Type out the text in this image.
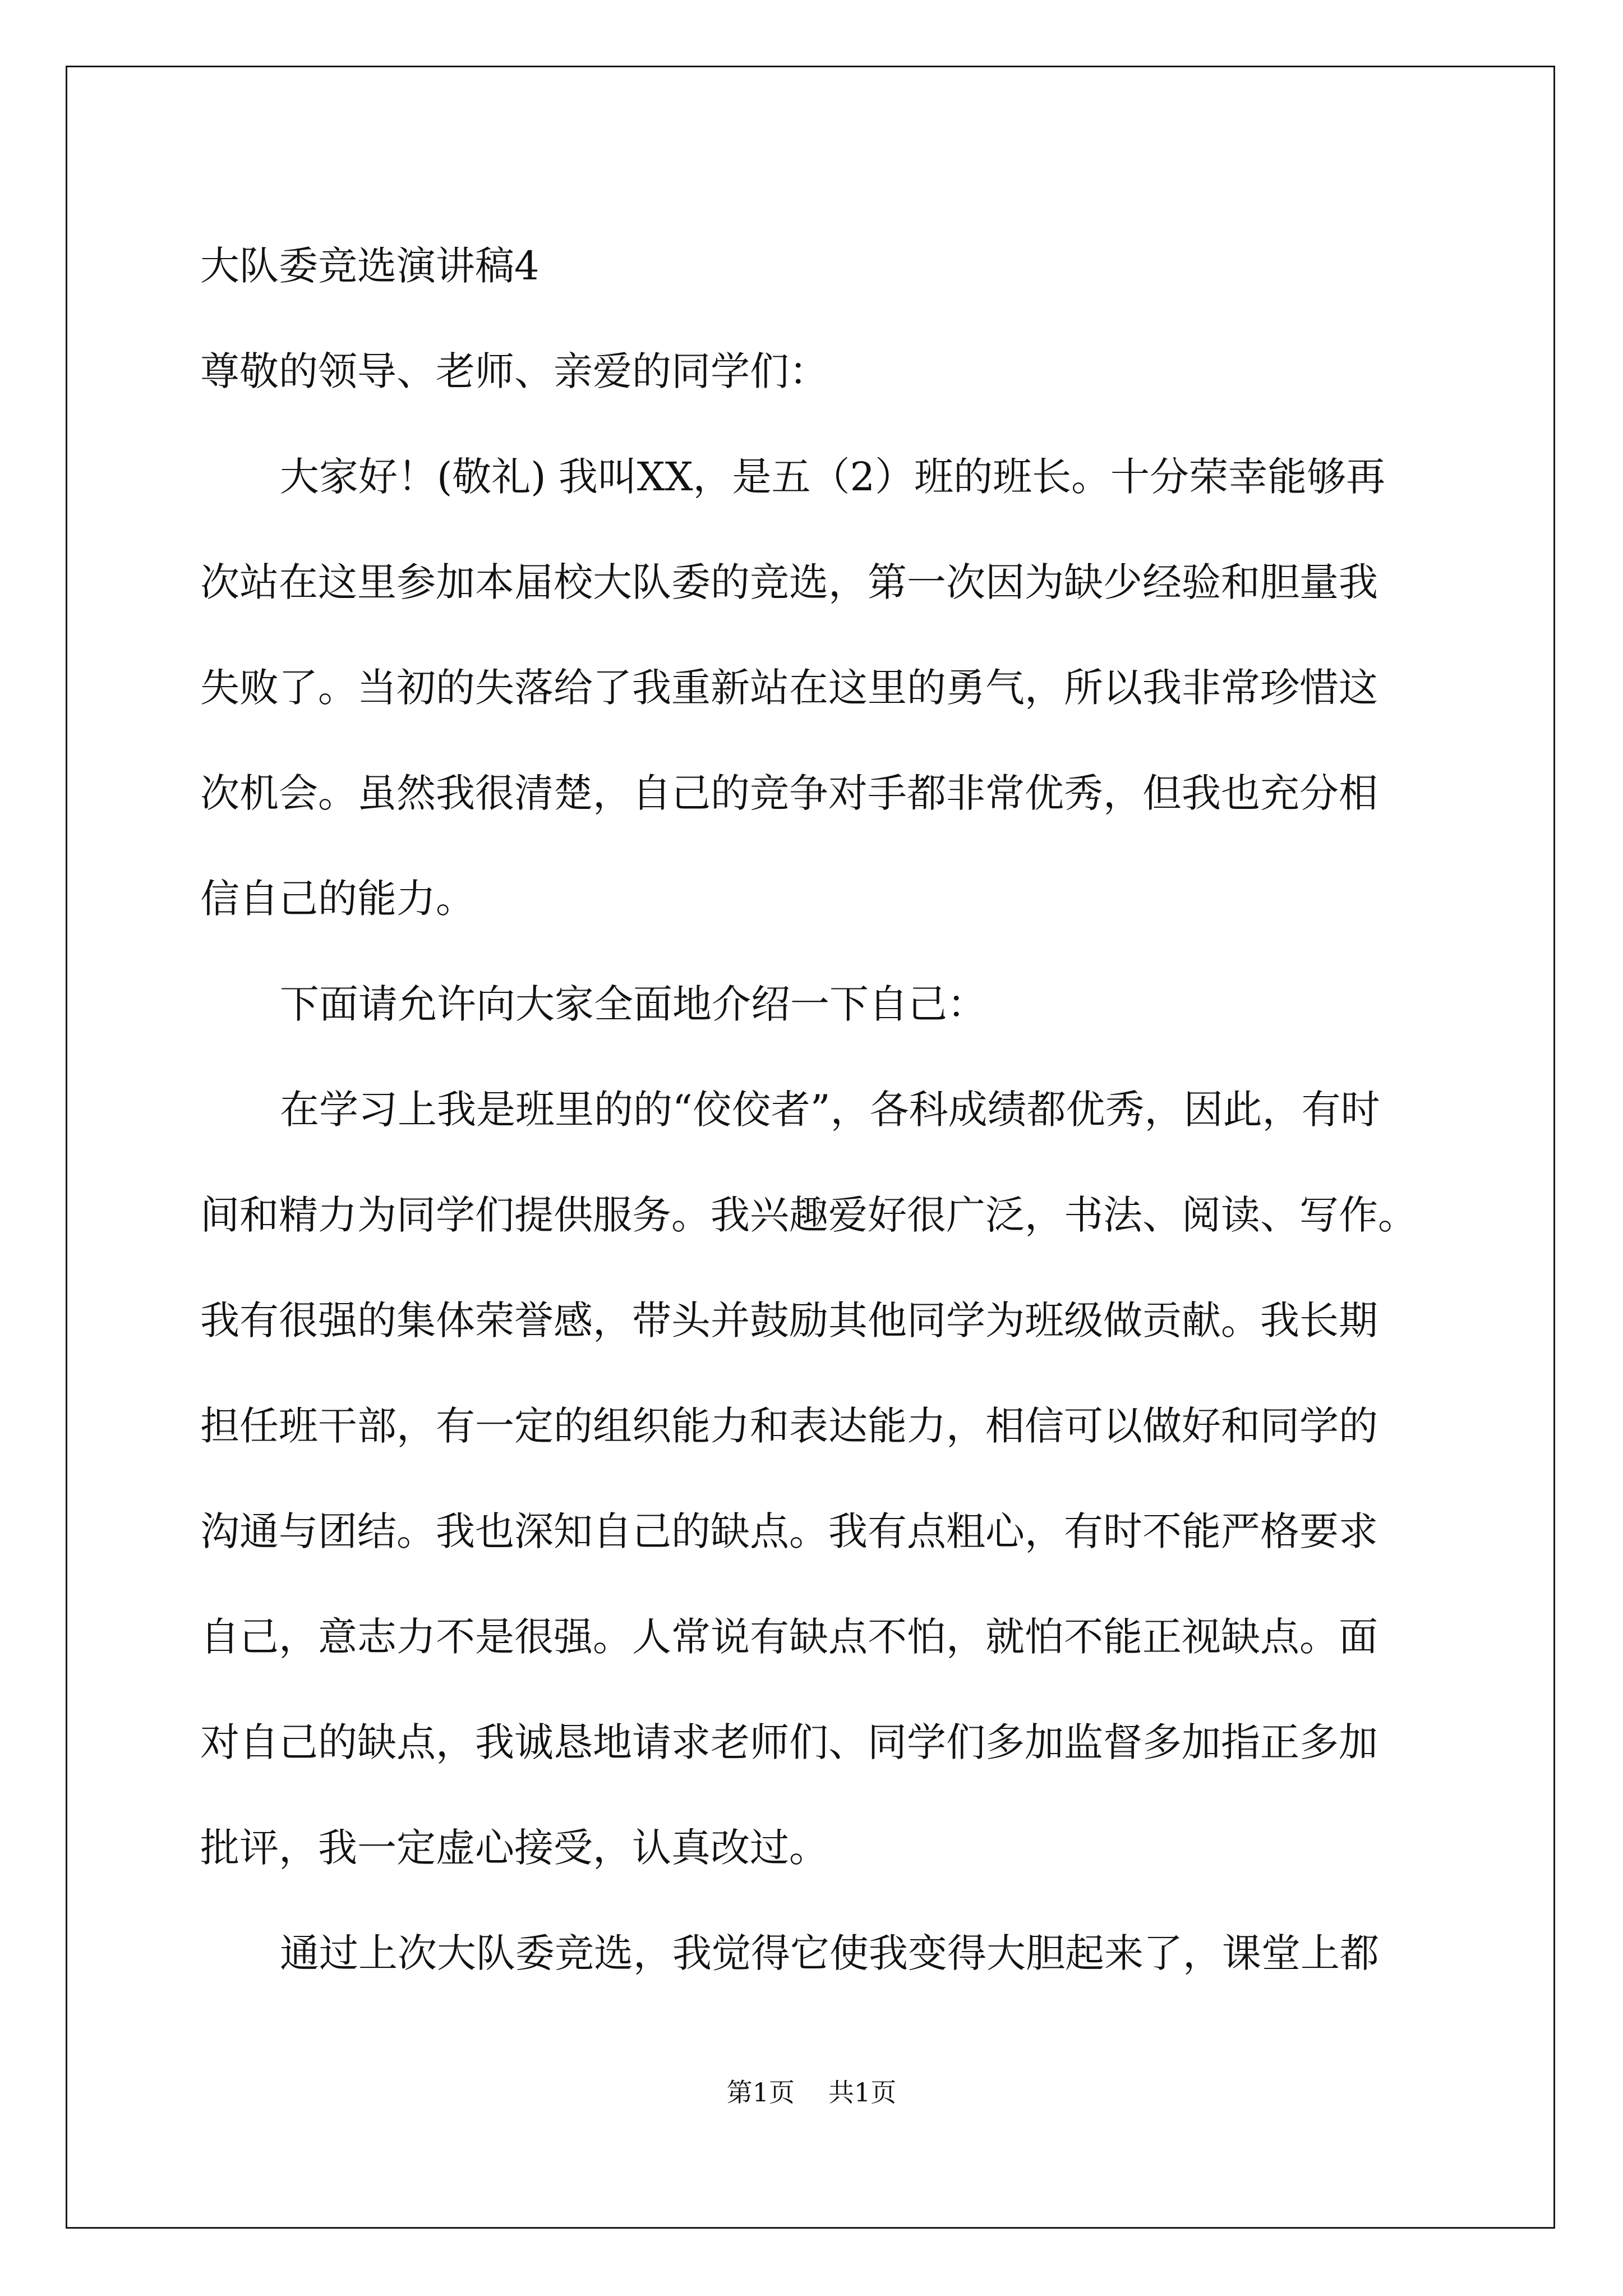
大队委竞选演讲稿4
尊敬的领导、老师、亲爱的同学们：
大家好！(敬礼) 我叫XX，是五（2）班的班长。十分荣幸能够再
次站在这里参加本届校大队委的竞选，第一次因为缺少经验和胆量我
失败了。当初的失落给了我重新站在这里的勇气，所以我非常珍惜这
次机会。虽然我很清楚，自己的竞争对手都非常优秀，但我也充分相
信自己的能力。
下面请允许向大家全面地介绍一下自己：
在学习上我是班里的的“佼佼者”，各科成绩都优秀，因此，有时
间和精力为同学们提供服务。我兴趣爱好很广泛，书法、阅读、写作。
我有很强的集体荣誉感，带头并鼓励其他同学为班级做贡献。我长期
担任班干部，有一定的组织能力和表达能力，相信可以做好和同学的
沟通与团结。我也深知自己的缺点。我有点粗心，有时不能严格要求
自己，意志力不是很强。人常说有缺点不怕，就怕不能正视缺点。面
对自己的缺点，我诚恳地请求老师们、同学们多加监督多加指正多加
批评，我一定虚心接受，认真改过。
通过上次大队委竞选，我觉得它使我变得大胆起来了，课堂上都
第1页 共1页
